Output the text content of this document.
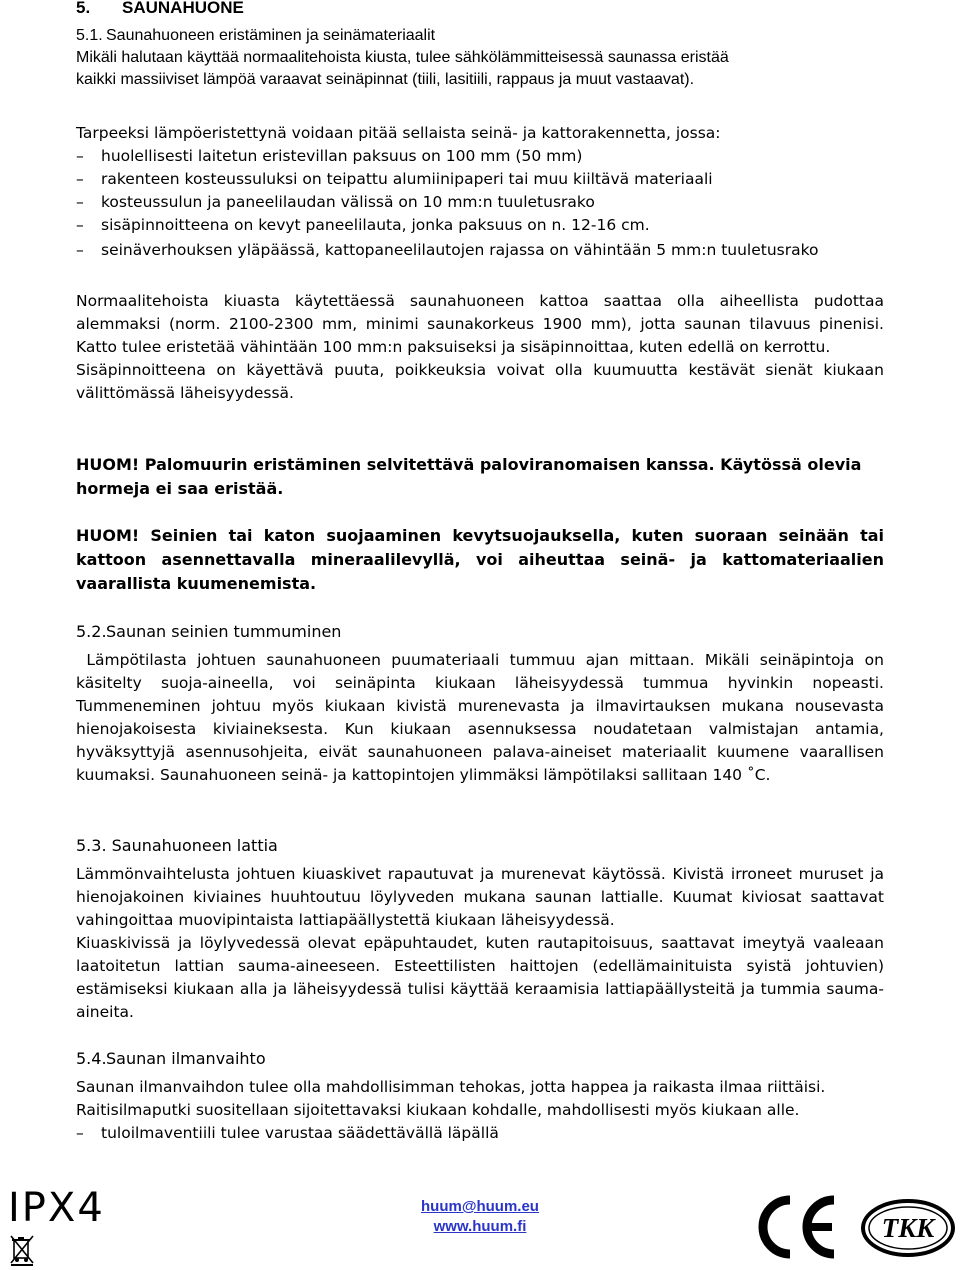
5. SAUNAHUONE

5.1. Saunahuoneen eristäminen ja seinämateriaalit

Mikäli halutaan käyttää normaalitehoista kiusta, tulee sähkölämmitteisessä saunassa eristää

kaikki massiiviset lämpöä varaavat seinäpinnat (tiili, lasitiili, rappaus ja muut vastaavat).

Tarpeeksi lämpöeristettynä voidaan pitää sellaista seinä- ja kattorakennetta, jossa:

– huolellisesti laitetun eristevillan paksuus on 100 mm (50 mm)
– rakenteen kosteussuluksi on teipattu alumiinipaperi tai muu kiiltävä materiaali
– kosteussulun ja paneelilaudan välissä on 10 mm:n tuuletusrako
– sisäpinnoitteena on kevyt paneelilauta, jonka paksuus on n. 12-16 cm.
– seinäverhouksen yläpäässä, kattopaneelilautojen rajassa on vähintään 5 mm:n tuuletusrako

Normaalitehoista kiuasta käytettäessä saunahuoneen kattoa saattaa olla aiheellista pudottaa alemmaksi (norm. 2100-2300 mm, minimi saunakorkeus 1900 mm), jotta saunan tilavuus pinenisi. Katto tulee eristetää vähintään 100 mm:n paksuiseksi ja sisäpinnoittaa, kuten edellä on kerrottu.

Sisäpinnoitteena on käyettävä puuta, poikkeuksia voivat olla kuumuutta kestävät sienät kiukaan välittömässä läheisyydessä.

HUOM! Palomuurin eristäminen selvitettävä paloviranomaisen kanssa. Käytössä olevia hormeja ei saa eristää.

HUOM! Seinien tai katon suojaaminen kevytsuojauksella, kuten suoraan seinään tai kattoon asennettavalla mineraalilevyllä, voi aiheuttaa seinä- ja kattomateriaalien vaarallista kuumenemista.

5.2.Saunan seinien tummuminen

Lämpötilasta johtuen saunahuoneen puumateriaali tummuu ajan mittaan. Mikäli seinäpintoja on käsitelty suoja-aineella, voi seinäpinta kiukaan läheisyydessä tummua hyvinkin nopeasti. Tummeneminen johtuu myös kiukaan kivistä murenevasta ja ilmavirtauksen mukana nousevasta hienojakoisesta kiviaineksesta. Kun kiukaan asennuksessa noudatetaan valmistajan antamia, hyväksyttyjä asennusohjeita, eivät saunahuoneen palava-aineiset materiaalit kuumene vaarallisen kuumaksi. Saunahuoneen seinä- ja kattopintojen ylimmäksi lämpötilaksi sallitaan 140 ˚C.

5.3. Saunahuoneen lattia

Lämmönvaihtelusta johtuen kiuaskivet rapautuvat ja murenevat käytössä. Kivistä irroneet muruset ja hienojakoinen kiviaines huuhtoutuu löylyveden mukana saunan lattialle. Kuumat kiviosat saattavat vahingoittaa muovipintaista lattiapäällystettä kiukaan läheisyydessä.

Kiuaskivissä ja löylyvedessä olevat epäpuhtaudet, kuten rautapitoisuus, saattavat imeytyä vaaleaan laatoitetun lattian sauma-aineeseen. Esteettilisten haittojen (edellämainituista syistä johtuvien) estämiseksi kiukaan alla ja läheisyydessä tulisi käyttää keraamisia lattiapäällysteitä ja tummia sauma-aineita.

5.4.Saunan ilmanvaihto

Saunan ilmanvaihdon tulee olla mahdollisimman tehokas, jotta happea ja raikasta ilmaa riittäisi.

Raitisilmaputki suositellaan sijoitettavaksi kiukaan kohdalle, mahdollisesti myös kiukaan alle.

– tuloilmaventiili tulee varustaa säädettävällä läpällä
IPX4	huum@huum.eu
www.huum.fi	TKK
